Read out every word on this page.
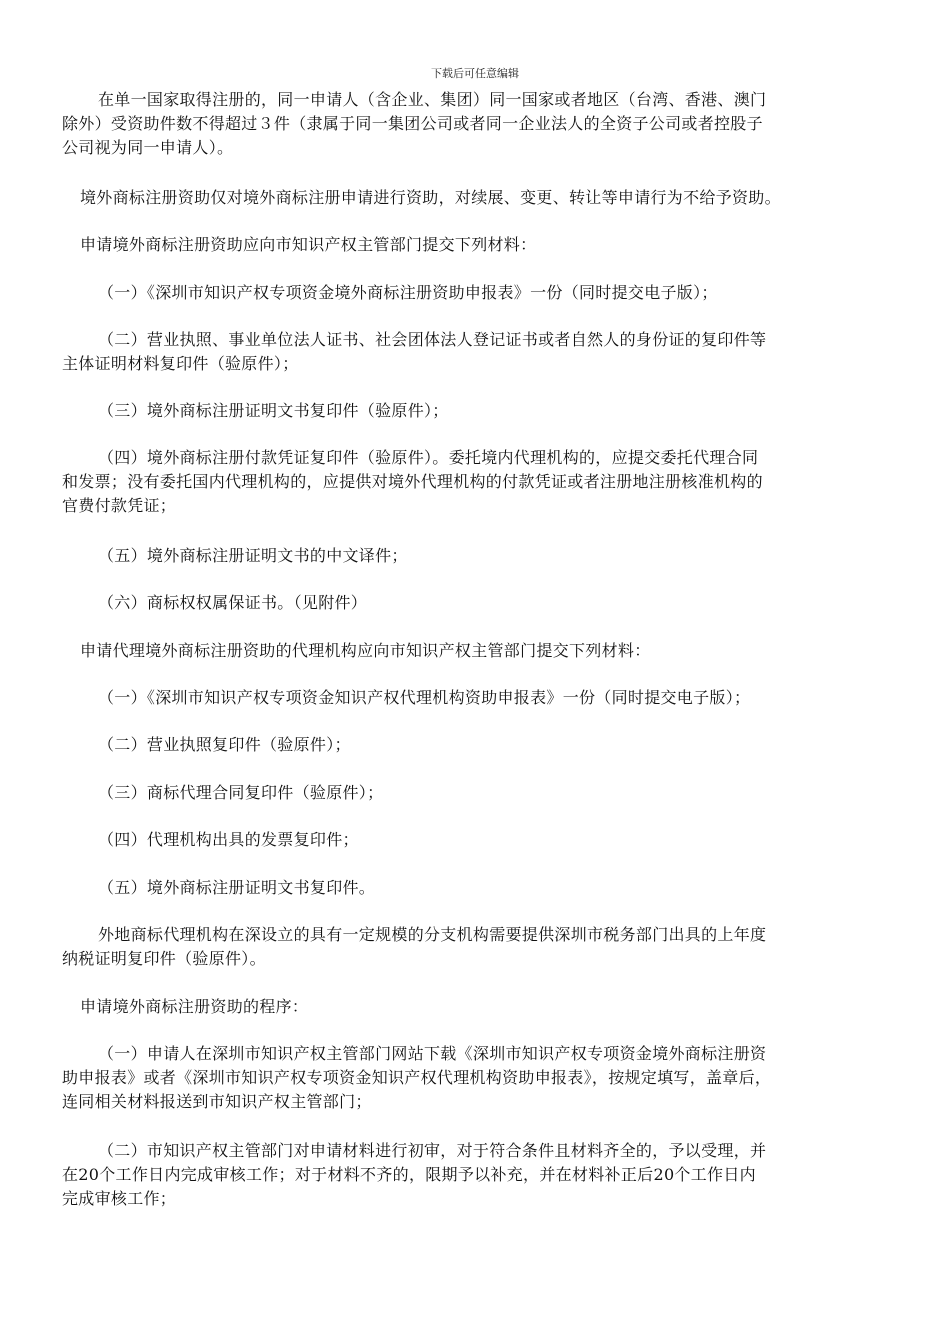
下载后可任意编辑
在单一国家取得注册的，同一申请人（含企业、集团）同一国家或者地区（台湾、香港、澳门
除外）受资助件数不得超过３件（隶属于同一集团公司或者同一企业法人的全资子公司或者控股子
公司视为同一申请人）。
境外商标注册资助仅对境外商标注册申请进行资助，对续展、变更、转让等申请行为不给予资助。
申请境外商标注册资助应向市知识产权主管部门提交下列材料：
（一）《深圳市知识产权专项资金境外商标注册资助申报表》一份（同时提交电子版）；
（二）营业执照、事业单位法人证书、社会团体法人登记证书或者自然人的身份证的复印件等
主体证明材料复印件（验原件）；
（三）境外商标注册证明文书复印件（验原件）；
（四）境外商标注册付款凭证复印件（验原件）。委托境内代理机构的，应提交委托代理合同
和发票；没有委托国内代理机构的，应提供对境外代理机构的付款凭证或者注册地注册核准机构的
官费付款凭证；
（五）境外商标注册证明文书的中文译件；
（六）商标权权属保证书。（见附件）
申请代理境外商标注册资助的代理机构应向市知识产权主管部门提交下列材料：
（一）《深圳市知识产权专项资金知识产权代理机构资助申报表》一份（同时提交电子版）；
（二）营业执照复印件（验原件）；
（三）商标代理合同复印件（验原件）；
（四）代理机构出具的发票复印件；
（五）境外商标注册证明文书复印件。
外地商标代理机构在深设立的具有一定规模的分支机构需要提供深圳市税务部门出具的上年度
纳税证明复印件（验原件）。
申请境外商标注册资助的程序：
（一）申请人在深圳市知识产权主管部门网站下载《深圳市知识产权专项资金境外商标注册资
助申报表》或者《深圳市知识产权专项资金知识产权代理机构资助申报表》，按规定填写，盖章后，
连同相关材料报送到市知识产权主管部门；
（二）市知识产权主管部门对申请材料进行初审，对于符合条件且材料齐全的，予以受理，并
在20个工作日内完成审核工作；对于材料不齐的，限期予以补充，并在材料补正后20个工作日内
完成审核工作；
